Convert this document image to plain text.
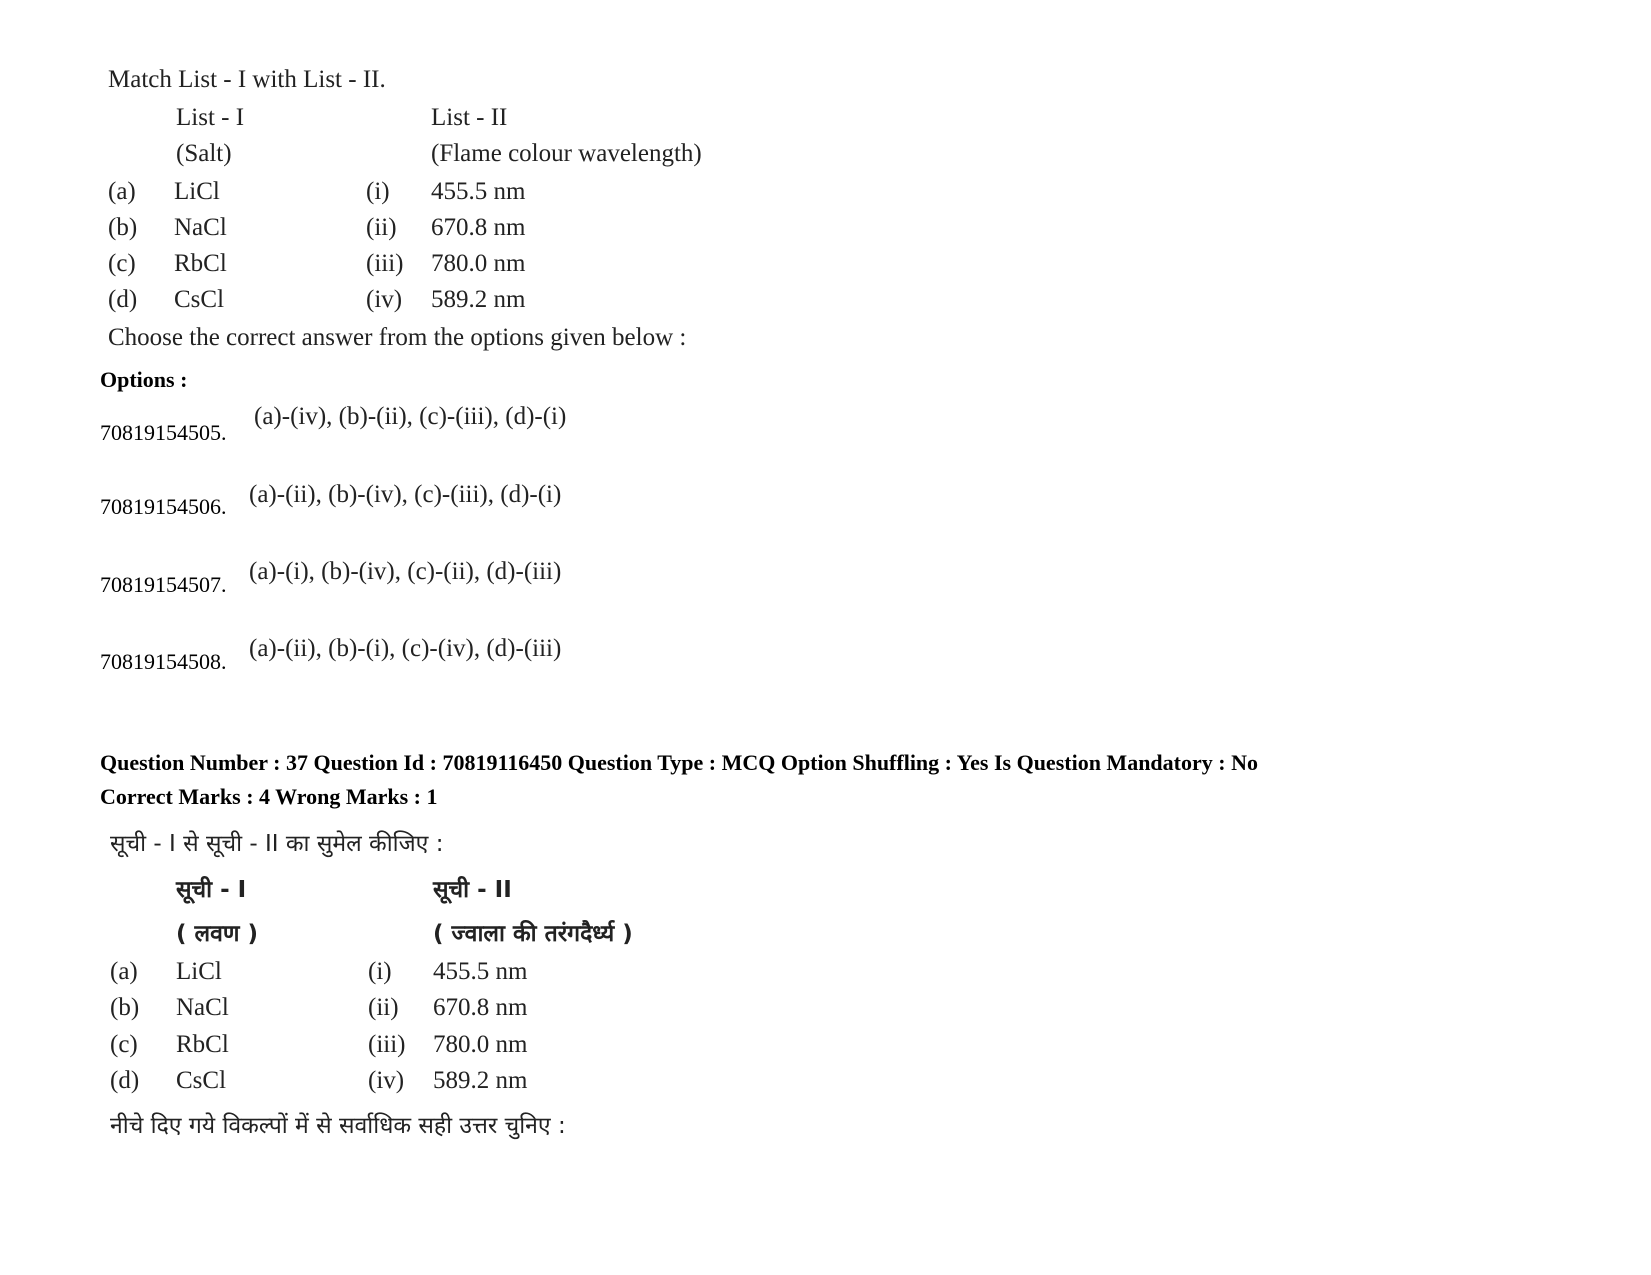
Match List - I with List - II.
List - I	List - II
(Salt)	(Flame colour wavelength)
(a) LiCl	(i) 455.5 nm
(b) NaCl	(ii) 670.8 nm
(c) RbCl	(iii) 780.0 nm
(d) CsCl	(iv) 589.2 nm
Choose the correct answer from the options given below :
Options :
70819154505.
(a)-(iv), (b)-(ii), (c)-(iii), (d)-(i)
70819154506. (a)-(ii), (b)-(iv), (c)-(iii), (d)-(i)
70819154507. (a)-(i), (b)-(iv), (c)-(ii), (d)-(iii)
70819154508. (a)-(ii), (b)-(i), (c)-(iv), (d)-(iii)
Question Number : 37 Question Id : 70819116450 Question Type : MCQ Option Shuffling : Yes Is Question Mandatory : No
Correct Marks : 4 Wrong Marks : 1
सूची - I से सूची - II का सुमेल कीजिए :
सूची - I	सूची - II
( लवण )	( ज्वाला की तरंगदैर्ध्य )
(a) LiCl	(i) 455.5 nm
(b) NaCl	(ii) 670.8 nm
(c) RbCl	(iii) 780.0 nm
(d) CsCl	(iv) 589.2 nm
नीचे दिए गये विकल्पों में से सर्वाधिक सही उत्तर चुनिए :
